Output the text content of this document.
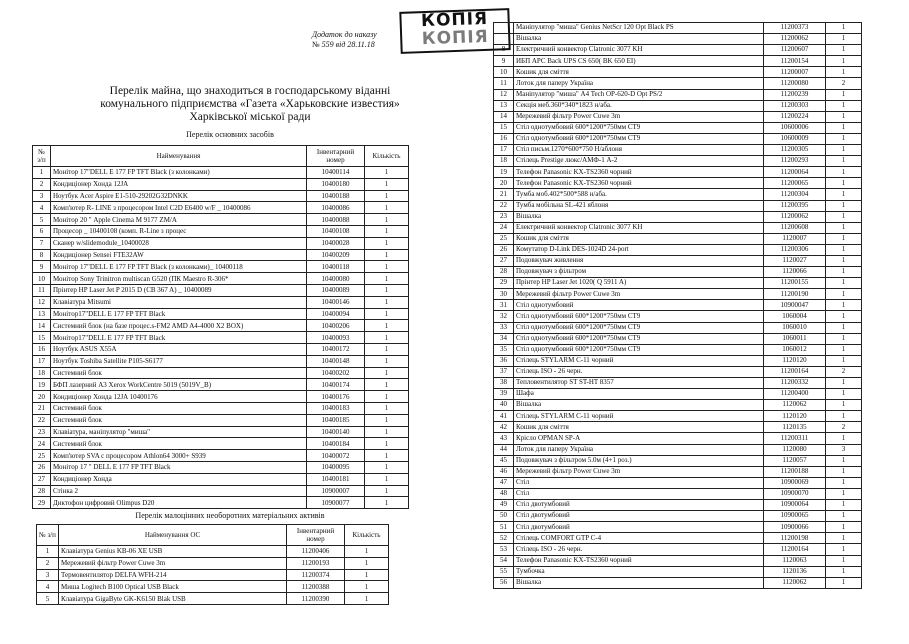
КОПІЯ
КОПІЯ
Додаток до наказу
№ 559 від 28.11.18
Перелік майна, що знаходиться в господарському віданні
комунального підприємства «Газета «Харьковские известия»
Харківської міської ради
Перелік основних засобів
№ з/п	Найменування	Інвентарний номер	Кількість
1	Монітор 17"DELL E 177 FP TFT Black (з колонками)	10400114	1
2	Кондиціонер Хонда 12JA	10400180	1
3	Ноутбук Acer Aspire E1-510-29202G32DNKK	10400188	1
4	Комп'ютер R- LINE з процесором Intel C2D E6400 w/F _ 10400086	10400086	1
5	Монітор 20 " Apple Cinema M 9177 ZM/A	10400088	1
6	Процесор _ 10400108 (комп. R-Line з процес	10400108	1
7	Сканер w/slidemodule_10400028	10400028	1
8	Кондиціонер Sensei FTE32AW	10400209	1
9	Монітор 17"DELL E 177 FP TFT Black (з колонками)_ 10400118	10400118	1
10	Монітор Sony Trinitron multiscan G520 (ПК Maestro R-306*	10400080	1
11	Прінтер HP Laser Jet P 2015 D (CB 367 A) _ 10400089	10400089	1
12	Клавіатура Mitsumi	10400146	1
13	Монітор17"DELL E 177 FP TFT Black	10400094	1
14	Системний блок (на базе процес.s-FM2 AMD A4-4000 X2 BOX)	10400206	1
15	Монітор17"DELL E 177 FP TFT Black	10400093	1
16	Ноутбук ASUS X55A	10400172	1
17	Ноутбук Toshiba Satellite P105-S6177	10400148	1
18	Системний блок	10400202	1
19	БФП лазерний А3 Xerox WorkCentre 5019 (5019V_B)	10400174	1
20	Кондиціонер Хонда 12JA 10400176	10400176	1
21	Системний блок	10400183	1
22	Системний блок	10400185	1
23	Клавіатура, маніпулятор "миша"	10400140	1
24	Системний блок	10400184	1
25	Комп'ютер SVA с процесором Athlon64 3000+ S939	10400072	1
26	Монітор 17 " DELL E 177 FP TFT Black	10400095	1
27	Кондиціонер Хонда	10400181	1
28	Стінка 2	10900007	1
29	Диктофон цифровий Olimpus D20	10900077	1
Перелік малоцінних необоротних матеріальних активів
№ з/п	Найменування ОС	Інвентарний номер	Кількість
1	Клавіатура Genius KB-06 XE USB	11200406	1
2	Мережевий фільтр Power Cuwe 3m	11200193	1
3	Термовентилятор DELFA WFH-214	11200374	1
4	Миша Logitech B100 Optical USB Black	11200388	1
5	Клавіатура GigaByte GK-K6150 Blak USB	11200390	1
	Маніпулятор "миша" Genius NetScr 120 Opt Black PS	11200373	1
	Вішалка	11200062	1
8	Електричний конвектор Clatronic 3077 KH	11200607	1
9	ИБП APC Back UPS CS 650( BK 650 EI)	11200154	1
10	Кошик для сміття	11200007	1
11	Лоток для паперу Україна	11200080	2
12	Маніпулятор "миша" A4 Tech OP-620-D Opt PS/2	11200239	1
13	Секція меб.360*340*1823 н/аба.	11200303	1
14	Мережевий фільтр Power Cuwe 3m	11200224	1
15	Стіл однотумбовий 600*1200*750мм СТ9	10600006	1
16	Стіл однотумбовий 600*1200*750мм СТ9	10600009	1
17	Стіл письм.1270*600*750 Н/аблоня	11200305	1
18	Стілець Prestige люкс/АМФ-1 А-2	11200293	1
19	Телефон Panasonic KX-TS2360 чорний	11200064	1
20	Телефон Panasonic KX-TS2360 чорний	11200065	1
21	Тумба моб.402*500*588 н/аба.	11200304	1
22	Тумба мобільна SL-421 яблоня	11200395	1
23	Вішалка	11200062	1
24	Електричний конвектор Clatronic 3077 KH	11200608	1
25	Кошик для сміття	1120007	1
26	Комутатор D-Link DES-1024D 24-port	11200306	1
27	Подовжувач живлення	1120027	1
28	Подовжувач з фільтром	1120066	1
29	Прінтер HP Laser Jet 1020( Q 5911 A)	11200155	1
30	Мережевий фільтр Power Cuwe 3m	11200190	1
31	Стіл однотумбовий	10900047	1
32	Стіл однотумбовий 600*1200*750мм СТ9	1060004	1
33	Стіл однотумбовий 600*1200*750мм СТ9	1060010	1
34	Стіл однотумбовий 600*1200*750мм СТ9	1060011	1
35	Стіл однотумбовий 600*1200*750мм СТ9	1060012	1
36	Стілець STYLARM C-11 чорний	1120120	1
37	Стілець ISO - 26 черн.	11200164	2
38	Тепловентилятор ST ST-HT 8357	11200332	1
39	Шафа	11200400	1
40	Вішалка	1120062	1
41	Стілець STYLARM C-11 чорний	1120120	1
42	Кошик для сміття	1120135	2
43	Крісло OPMAN SP-A	11200311	1
44	Лоток для паперу Україна	1120080	3
45	Подовжувач з фільтром 5.0м (4+1 роз.)	1120057	1
46	Мережевий фільтр Power Cuwe 3m	11200188	1
47	Стіл	10900069	1
48	Стіл	10900070	1
49	Стіл двотумбовий	10900064	1
50	Стіл двотумбовий	10900065	1
51	Стіл двотумбовий	10900066	1
52	Стілець COMFORT GTP C-4	11200198	1
53	Стілець ISO - 26 черн.	11200164	1
54	Телефон Panasonic KX-TS2360 чорний	1120063	1
55	Тумбочка	1120136	1
56	Вішалка	1120062	1
